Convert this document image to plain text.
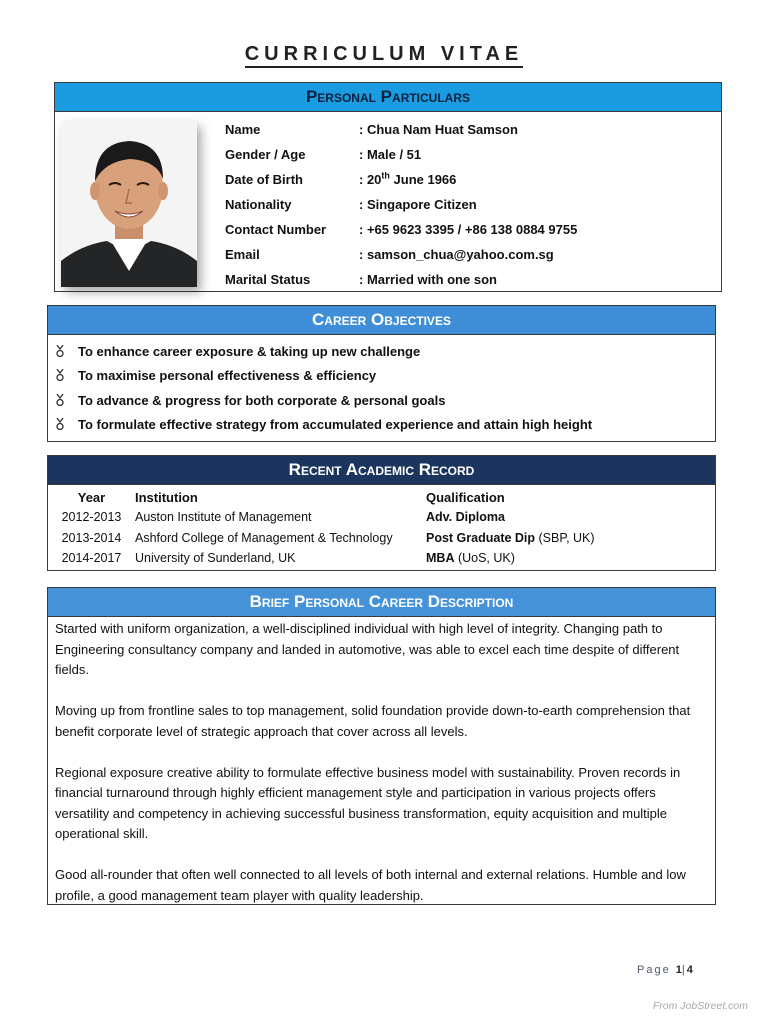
CURRICULUM VITAE
Personal Particulars
Name	: Chua Nam Huat Samson
Gender / Age	: Male / 51
Date of Birth	: 20th June 1966
Nationality	: Singapore Citizen
Contact Number	: +65 9623 3395 / +86 138 0884 9755
Email	: samson_chua@yahoo.com.sg
Marital Status	: Married with one son
Career Objectives
To enhance career exposure & taking up new challenge
To maximise personal effectiveness & efficiency
To advance & progress for both corporate & personal goals
To formulate effective strategy from accumulated experience and attain high height
Recent Academic Record
Year	Institution	Qualification
2012-2013	Auston Institute of Management	Adv. Diploma
2013-2014	Ashford College of Management & Technology	Post Graduate Dip (SBP, UK)
2014-2017	University of Sunderland, UK	MBA (UoS, UK)
Brief Personal Career Description

Started with uniform organization, a well-disciplined individual with high level of integrity. Changing path to Engineering consultancy company and landed in automotive, was able to excel each time despite of different fields.

Moving up from frontline sales to top management, solid foundation provide down-to-earth comprehension that benefit corporate level of strategic approach that cover across all levels.

Regional exposure creative ability to formulate effective business model with sustainability. Proven records in financial turnaround through highly efficient management style and participation in various projects offers versatility and competency in achieving successful business transformation, equity acquisition and multiple operational skill.

Good all-rounder that often well connected to all levels of both internal and external relations. Humble and low profile, a good management team player with quality leadership.

Page 1|4
From JobStreet.com
